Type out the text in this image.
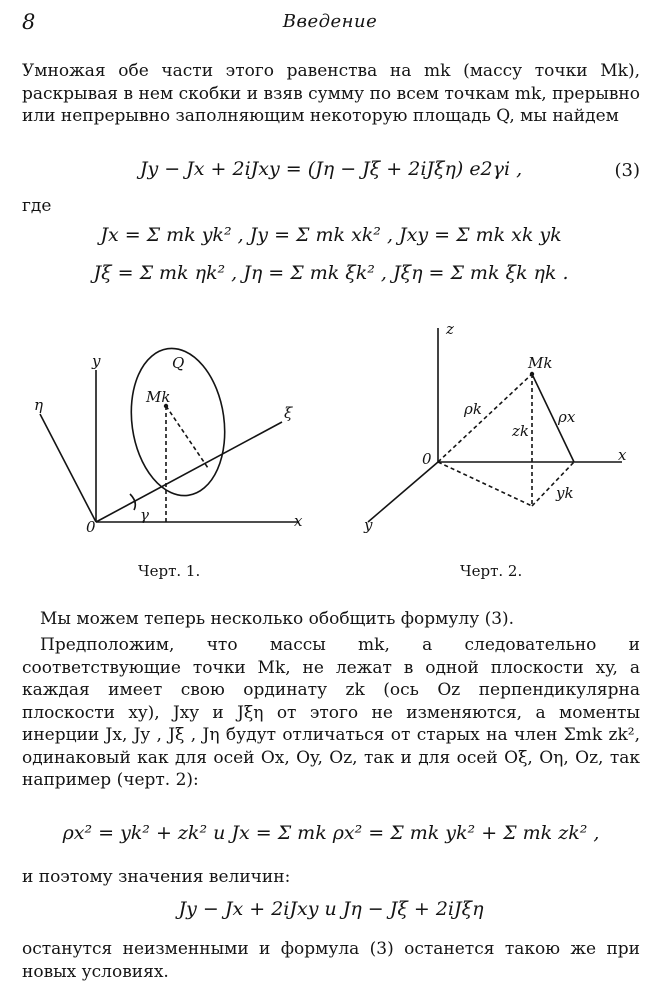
8	Введение
Умножая обе части этого равенства на mk (массу точки Mk), раскрывая в нем скобки и взяв сумму по всем точкам mk, прерывно или непрерывно заполняющим некоторую площадь Q, мы найдем
Jy − Jx + 2iJxy = (Jη − Jξ + 2iJξη) e2γi ,	(3)
где
Jx = Σ mk yk² , Jy = Σ mk xk² , Jxy = Σ mk xk yk
Jξ = Σ mk ηk² , Jη = Σ mk ξk² , Jξη = Σ mk ξk ηk .
y
η	ξ
x
0
Q
Mk
γ
Черт. 1.
z
x
y
0
Mk
ρk	ρx
zk
yk
Черт. 2.
Мы можем теперь несколько обобщить формулу (3).
Предположим, что массы mk, а следовательно и соответствующие точки Mk, не лежат в одной плоскости xy, а каждая имеет свою ординату zk (ось Oz перпендикулярна плоскости xy), Jxy и Jξη от этого не изменяются, а моменты инерции Jx, Jy , Jξ , Jη будут отличаться от старых на член Σmk zk², одинаковый как для осей Ox, Oy, Oz, так и для осей Oξ, Oη, Oz, так например (черт. 2):
ρx² = yk² + zk² и Jx = Σ mk ρx² = Σ mk yk² + Σ mk zk² ,
и поэтому значения величин:
Jy − Jx + 2iJxy и Jη − Jξ + 2iJξη
останутся неизменными и формула (3) останется такою же при новых условиях.
